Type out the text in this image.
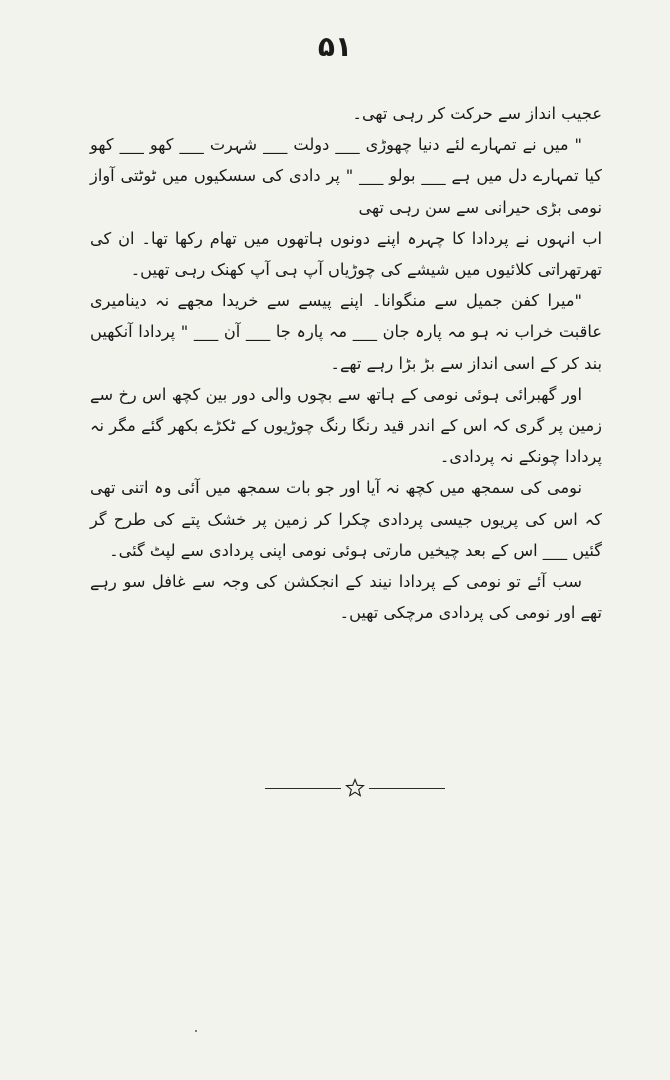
۵۱

عجیب انداز سے حرکت کر رہی تھی۔

" میں نے تمہارے لئے دنیا چھوڑی ___ دولت ___ شہرت ___ کھو ___ کھو کیا تمہارے دل میں ہے ___ بولو ___ " پر دادی کی سسکیوں میں ٹوٹتی آواز نومی بڑی حیرانی سے سن رہی تھی

اب انہوں نے پردادا کا چہرہ اپنے دونوں ہاتھوں میں تھام رکھا تھا۔ ان کی تھرتھراتی کلائیوں میں شیشے کی چوڑیاں آپ ہی آپ کھنک رہی تھیں۔

"میرا کفن جمیل سے منگوانا۔ اپنے پیسے سے خریدا مجھے نہ دینامیری عاقبت خراب نہ ہو مہ پارہ جان ___ مہ پارہ جا ___ آن ___ " پردادا آنکھیں بند کر کے اسی انداز سے بڑ بڑا رہے تھے۔

اور گھبرائی ہوئی نومی کے ہاتھ سے بچوں والی دور بین کچھ اس رخ سے زمین پر گری کہ اس کے اندر قید رنگا رنگ چوڑیوں کے ٹکڑے بکھر گئے مگر نہ پردادا چونکے نہ پردادی۔

نومی کی سمجھ میں کچھ نہ آیا اور جو بات سمجھ میں آئی وہ اتنی تھی کہ اس کی پریوں جیسی پردادی چکرا کر زمین پر خشک پتے کی طرح گر گئیں ___ اس کے بعد چیخیں مارتی ہوئی نومی اپنی پردادی سے لپٹ گئی۔

سب آئے تو نومی کے پردادا نیند کے انجکشن کی وجہ سے غافل سو رہے تھے اور نومی کی پردادی مرچکی تھیں۔
